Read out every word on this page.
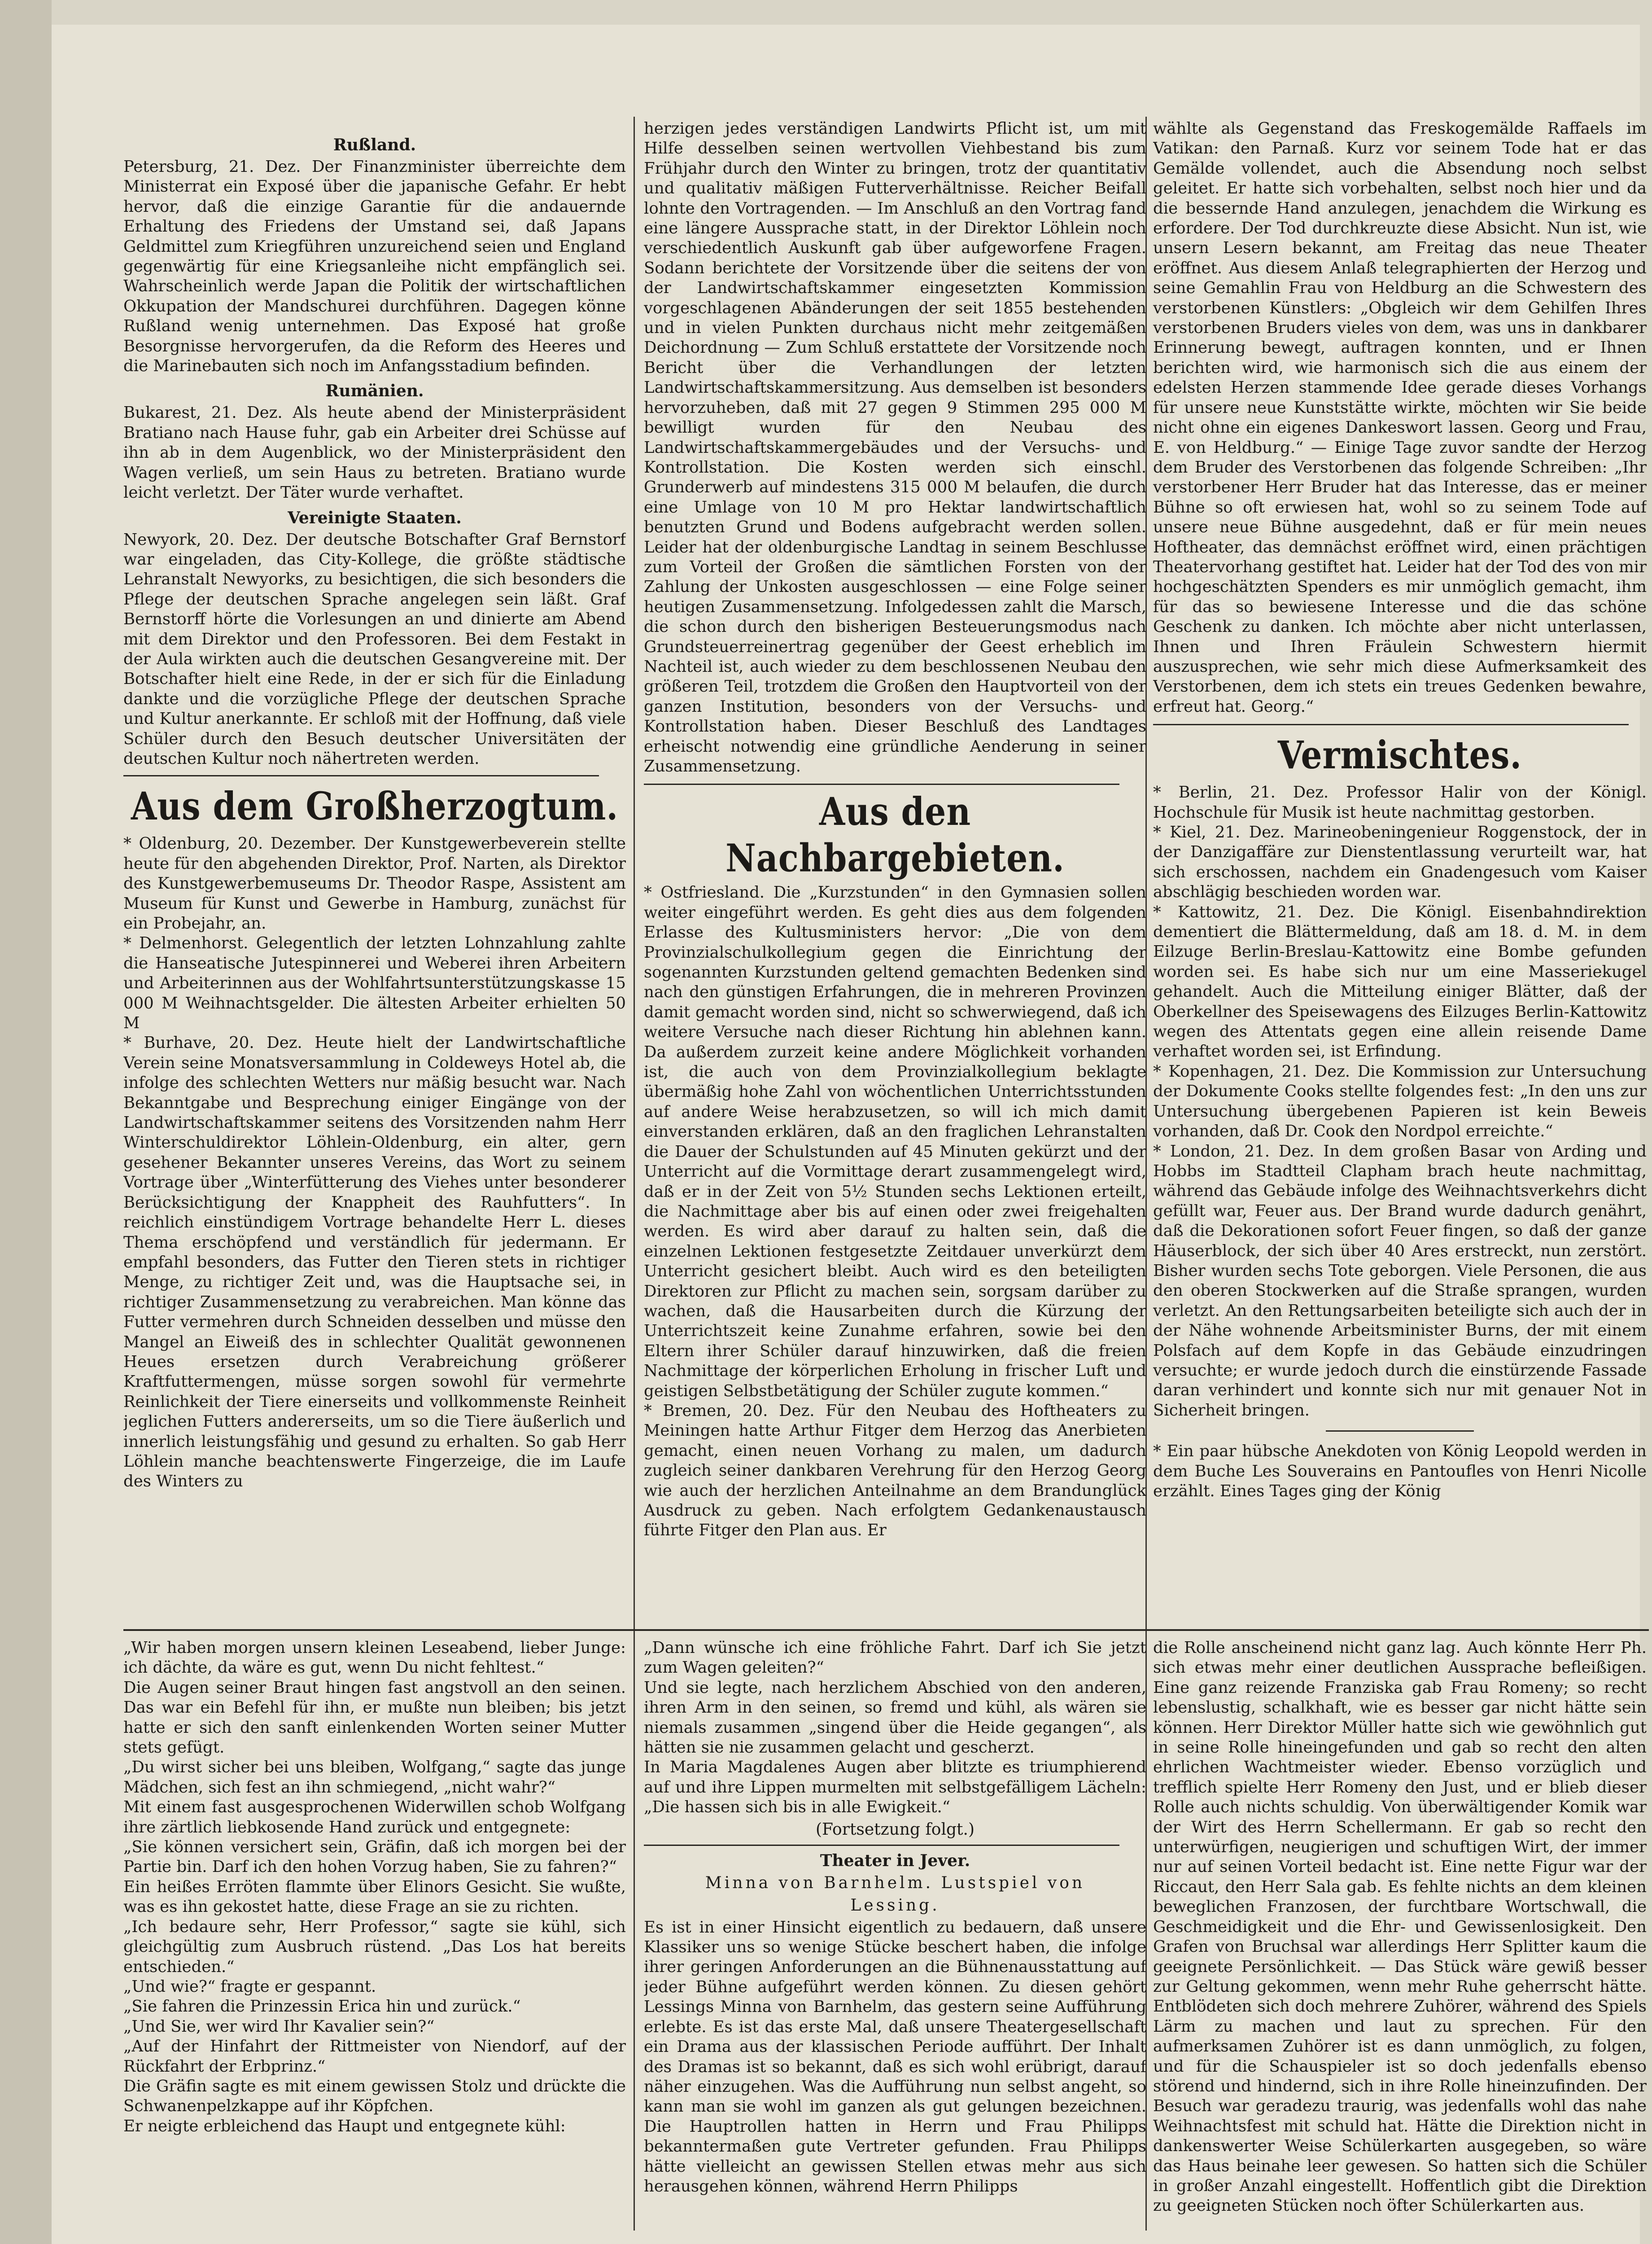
Rußland.

Petersburg, 21. Dez. Der Finanzminister überreichte dem Ministerrat ein Exposé über die japanische Gefahr. Er hebt hervor, daß die einzige Garantie für die andauernde Erhaltung des Friedens der Umstand sei, daß Japans Geldmittel zum Kriegführen unzureichend seien und England gegenwärtig für eine Kriegsanleihe nicht empfänglich sei. Wahrscheinlich werde Japan die Politik der wirtschaftlichen Okkupation der Mandschurei durchführen. Dagegen könne Rußland wenig unternehmen. Das Exposé hat große Besorgnisse hervorgerufen, da die Reform des Heeres und die Marinebauten sich noch im Anfangsstadium befinden.

Rumänien.

Bukarest, 21. Dez. Als heute abend der Ministerpräsident Bratiano nach Hause fuhr, gab ein Arbeiter drei Schüsse auf ihn ab in dem Augenblick, wo der Ministerpräsident den Wagen verließ, um sein Haus zu betreten. Bratiano wurde leicht verletzt. Der Täter wurde verhaftet.

Vereinigte Staaten.

Newyork, 20. Dez. Der deutsche Botschafter Graf Bernstorf war eingeladen, das City-Kollege, die größte städtische Lehranstalt Newyorks, zu besichtigen, die sich besonders die Pflege der deutschen Sprache angelegen sein läßt. Graf Bernstorff hörte die Vorlesungen an und dinierte am Abend mit dem Direktor und den Professoren. Bei dem Festakt in der Aula wirkten auch die deutschen Gesangvereine mit. Der Botschafter hielt eine Rede, in der er sich für die Einladung dankte und die vorzügliche Pflege der deutschen Sprache und Kultur anerkannte. Er schloß mit der Hoffnung, daß viele Schüler durch den Besuch deutscher Universitäten der deutschen Kultur noch nähertreten werden.

Aus dem Großherzogtum.

* Oldenburg, 20. Dezember. Der Kunstgewerbeverein stellte heute für den abgehenden Direktor, Prof. Narten, als Direktor des Kunstgewerbemuseums Dr. Theodor Raspe, Assistent am Museum für Kunst und Gewerbe in Hamburg, zunächst für ein Probejahr, an.

* Delmenhorst. Gelegentlich der letzten Lohnzahlung zahlte die Hanseatische Jutespinnerei und Weberei ihren Arbeitern und Arbeiterinnen aus der Wohlfahrtsunterstützungskasse 15 000 M Weihnachtsgelder. Die ältesten Arbeiter erhielten 50 M

* Burhave, 20. Dez. Heute hielt der Landwirtschaftliche Verein seine Monatsversammlung in Coldeweys Hotel ab, die infolge des schlechten Wetters nur mäßig besucht war. Nach Bekanntgabe und Besprechung einiger Eingänge von der Landwirtschaftskammer seitens des Vorsitzenden nahm Herr Winterschuldirektor Löhlein-Oldenburg, ein alter, gern gesehener Bekannter unseres Vereins, das Wort zu seinem Vortrage über „Winterfütterung des Viehes unter besonderer Berücksichtigung der Knappheit des Rauhfutters“. In reichlich einstündigem Vortrage behandelte Herr L. dieses Thema erschöpfend und verständlich für jedermann. Er empfahl besonders, das Futter den Tieren stets in richtiger Menge, zu richtiger Zeit und, was die Hauptsache sei, in richtiger Zusammensetzung zu verabreichen. Man könne das Futter vermehren durch Schneiden desselben und müsse den Mangel an Eiweiß des in schlechter Qualität gewonnenen Heues ersetzen durch Verabreichung größerer Kraftfuttermengen, müsse sorgen sowohl für vermehrte Reinlichkeit der Tiere einerseits und vollkommenste Reinheit jeglichen Futters andererseits, um so die Tiere äußerlich und innerlich leistungsfähig und gesund zu erhalten. So gab Herr Löhlein manche beachtenswerte Fingerzeige, die im Laufe des Winters zu

herzigen jedes verständigen Landwirts Pflicht ist, um mit Hilfe desselben seinen wertvollen Viehbestand bis zum Frühjahr durch den Winter zu bringen, trotz der quantitativ und qualitativ mäßigen Futterverhältnisse. Reicher Beifall lohnte den Vortragenden. — Im Anschluß an den Vortrag fand eine längere Aussprache statt, in der Direktor Löhlein noch verschiedentlich Auskunft gab über aufgeworfene Fragen. Sodann berichtete der Vorsitzende über die seitens der von der Landwirtschaftskammer eingesetzten Kommission vorgeschlagenen Abänderungen der seit 1855 bestehenden und in vielen Punkten durchaus nicht mehr zeitgemäßen Deichordnung — Zum Schluß erstattete der Vorsitzende noch Bericht über die Verhandlungen der letzten Landwirtschaftskammersitzung. Aus demselben ist besonders hervorzuheben, daß mit 27 gegen 9 Stimmen 295 000 M bewilligt wurden für den Neubau des Landwirtschaftskammergebäudes und der Versuchs- und Kontrollstation. Die Kosten werden sich einschl. Grunderwerb auf mindestens 315 000 M belaufen, die durch eine Umlage von 10 M pro Hektar landwirtschaftlich benutzten Grund und Bodens aufgebracht werden sollen. Leider hat der oldenburgische Landtag in seinem Beschlusse zum Vorteil der Großen die sämtlichen Forsten von der Zahlung der Unkosten ausgeschlossen — eine Folge seiner heutigen Zusammensetzung. Infolgedessen zahlt die Marsch, die schon durch den bisherigen Besteuerungsmodus nach Grundsteuerreinertrag gegenüber der Geest erheblich im Nachteil ist, auch wieder zu dem beschlossenen Neubau den größeren Teil, trotzdem die Großen den Hauptvorteil von der ganzen Institution, besonders von der Versuchs- und Kontrollstation haben. Dieser Beschluß des Landtages erheischt notwendig eine gründliche Aenderung in seiner Zusammensetzung.

Aus den Nachbargebieten.

* Ostfriesland. Die „Kurzstunden“ in den Gymnasien sollen weiter eingeführt werden. Es geht dies aus dem folgenden Erlasse des Kultusministers hervor: „Die von dem Provinzialschulkollegium gegen die Einrichtung der sogenannten Kurzstunden geltend gemachten Bedenken sind nach den günstigen Erfahrungen, die in mehreren Provinzen damit gemacht worden sind, nicht so schwerwiegend, daß ich weitere Versuche nach dieser Richtung hin ablehnen kann. Da außerdem zurzeit keine andere Möglichkeit vorhanden ist, die auch von dem Provinzialkollegium beklagte übermäßig hohe Zahl von wöchentlichen Unterrichtsstunden auf andere Weise herabzusetzen, so will ich mich damit einverstanden erklären, daß an den fraglichen Lehranstalten die Dauer der Schulstunden auf 45 Minuten gekürzt und der Unterricht auf die Vormittage derart zusammengelegt wird, daß er in der Zeit von 5½ Stunden sechs Lektionen erteilt, die Nachmittage aber bis auf einen oder zwei freigehalten werden. Es wird aber darauf zu halten sein, daß die einzelnen Lektionen festgesetzte Zeitdauer unverkürzt dem Unterricht gesichert bleibt. Auch wird es den beteiligten Direktoren zur Pflicht zu machen sein, sorgsam darüber zu wachen, daß die Hausarbeiten durch die Kürzung der Unterrichtszeit keine Zunahme erfahren, sowie bei den Eltern ihrer Schüler darauf hinzuwirken, daß die freien Nachmittage der körperlichen Erholung in frischer Luft und geistigen Selbstbetätigung der Schüler zugute kommen.“

* Bremen, 20. Dez. Für den Neubau des Hoftheaters zu Meiningen hatte Arthur Fitger dem Herzog das Anerbieten gemacht, einen neuen Vorhang zu malen, um dadurch zugleich seiner dankbaren Verehrung für den Herzog Georg wie auch der herzlichen Anteilnahme an dem Brandunglück Ausdruck zu geben. Nach erfolgtem Gedankenaustausch führte Fitger den Plan aus. Er

wählte als Gegenstand das Freskogemälde Raffaels im Vatikan: den Parnaß. Kurz vor seinem Tode hat er das Gemälde vollendet, auch die Absendung noch selbst geleitet. Er hatte sich vorbehalten, selbst noch hier und da die bessernde Hand anzulegen, jenachdem die Wirkung es erfordere. Der Tod durchkreuzte diese Absicht. Nun ist, wie unsern Lesern bekannt, am Freitag das neue Theater eröffnet. Aus diesem Anlaß telegraphierten der Herzog und seine Gemahlin Frau von Heldburg an die Schwestern des verstorbenen Künstlers: „Obgleich wir dem Gehilfen Ihres verstorbenen Bruders vieles von dem, was uns in dankbarer Erinnerung bewegt, auftragen konnten, und er Ihnen berichten wird, wie harmonisch sich die aus einem der edelsten Herzen stammende Idee gerade dieses Vorhangs für unsere neue Kunststätte wirkte, möchten wir Sie beide nicht ohne ein eigenes Dankeswort lassen. Georg und Frau, E. von Heldburg.“ — Einige Tage zuvor sandte der Herzog dem Bruder des Verstorbenen das folgende Schreiben: „Ihr verstorbener Herr Bruder hat das Interesse, das er meiner Bühne so oft erwiesen hat, wohl so zu seinem Tode auf unsere neue Bühne ausgedehnt, daß er für mein neues Hoftheater, das demnächst eröffnet wird, einen prächtigen Theatervorhang gestiftet hat. Leider hat der Tod des von mir hochgeschätzten Spenders es mir unmöglich gemacht, ihm für das so bewiesene Interesse und die das schöne Geschenk zu danken. Ich möchte aber nicht unterlassen, Ihnen und Ihren Fräulein Schwestern hiermit auszusprechen, wie sehr mich diese Aufmerksamkeit des Verstorbenen, dem ich stets ein treues Gedenken bewahre, erfreut hat. Georg.“

Vermischtes.

* Berlin, 21. Dez. Professor Halir von der Königl. Hochschule für Musik ist heute nachmittag gestorben.

* Kiel, 21. Dez. Marineobeningenieur Roggenstock, der in der Danzigaffäre zur Dienstentlassung verurteilt war, hat sich erschossen, nachdem ein Gnadengesuch vom Kaiser abschlägig beschieden worden war.

* Kattowitz, 21. Dez. Die Königl. Eisenbahndirektion dementiert die Blättermeldung, daß am 18. d. M. in dem Eilzuge Berlin-Breslau-Kattowitz eine Bombe gefunden worden sei. Es habe sich nur um eine Masseriekugel gehandelt. Auch die Mitteilung einiger Blätter, daß der Oberkellner des Speisewagens des Eilzuges Berlin-Kattowitz wegen des Attentats gegen eine allein reisende Dame verhaftet worden sei, ist Erfindung.

* Kopenhagen, 21. Dez. Die Kommission zur Untersuchung der Dokumente Cooks stellte folgendes fest: „In den uns zur Untersuchung übergebenen Papieren ist kein Beweis vorhanden, daß Dr. Cook den Nordpol erreichte.“

* London, 21. Dez. In dem großen Basar von Arding und Hobbs im Stadtteil Clapham brach heute nachmittag, während das Gebäude infolge des Weihnachtsverkehrs dicht gefüllt war, Feuer aus. Der Brand wurde dadurch genährt, daß die Dekorationen sofort Feuer fingen, so daß der ganze Häuserblock, der sich über 40 Ares erstreckt, nun zerstört. Bisher wurden sechs Tote geborgen. Viele Personen, die aus den oberen Stockwerken auf die Straße sprangen, wurden verletzt. An den Rettungsarbeiten beteiligte sich auch der in der Nähe wohnende Arbeitsminister Burns, der mit einem Polsfach auf dem Kopfe in das Gebäude einzudringen versuchte; er wurde jedoch durch die einstürzende Fassade daran verhindert und konnte sich nur mit genauer Not in Sicherheit bringen.

* Ein paar hübsche Anekdoten von König Leopold werden in dem Buche Les Souverains en Pantoufles von Henri Nicolle erzählt. Eines Tages ging der König

„Wir haben morgen unsern kleinen Leseabend, lieber Junge: ich dächte, da wäre es gut, wenn Du nicht fehltest.“

Die Augen seiner Braut hingen fast angstvoll an den seinen. Das war ein Befehl für ihn, er mußte nun bleiben; bis jetzt hatte er sich den sanft einlenkenden Worten seiner Mutter stets gefügt.

„Du wirst sicher bei uns bleiben, Wolfgang,“ sagte das junge Mädchen, sich fest an ihn schmiegend, „nicht wahr?“

Mit einem fast ausgesprochenen Widerwillen schob Wolfgang ihre zärtlich liebkosende Hand zurück und entgegnete:

„Sie können versichert sein, Gräfin, daß ich morgen bei der Partie bin. Darf ich den hohen Vorzug haben, Sie zu fahren?“

Ein heißes Erröten flammte über Elinors Gesicht. Sie wußte, was es ihn gekostet hatte, diese Frage an sie zu richten.

„Ich bedaure sehr, Herr Professor,“ sagte sie kühl, sich gleichgültig zum Ausbruch rüstend. „Das Los hat bereits entschieden.“

„Und wie?“ fragte er gespannt.

„Sie fahren die Prinzessin Erica hin und zurück.“

„Und Sie, wer wird Ihr Kavalier sein?“

„Auf der Hinfahrt der Rittmeister von Niendorf, auf der Rückfahrt der Erbprinz.“

Die Gräfin sagte es mit einem gewissen Stolz und drückte die Schwanenpelzkappe auf ihr Köpfchen.

Er neigte erbleichend das Haupt und entgegnete kühl:

„Dann wünsche ich eine fröhliche Fahrt. Darf ich Sie jetzt zum Wagen geleiten?“

Und sie legte, nach herzlichem Abschied von den anderen, ihren Arm in den seinen, so fremd und kühl, als wären sie niemals zusammen „singend über die Heide gegangen“, als hätten sie nie zusammen gelacht und gescherzt.

In Maria Magdalenes Augen aber blitzte es triumphierend auf und ihre Lippen murmelten mit selbstgefälligem Lächeln: „Die hassen sich bis in alle Ewigkeit.“

(Fortsetzung folgt.)
Theater in Jever.
Minna von Barnhelm. Lustspiel von
Lessing.

Es ist in einer Hinsicht eigentlich zu bedauern, daß unsere Klassiker uns so wenige Stücke beschert haben, die infolge ihrer geringen Anforderungen an die Bühnenausstattung auf jeder Bühne aufgeführt werden können. Zu diesen gehört Lessings Minna von Barnhelm, das gestern seine Aufführung erlebte. Es ist das erste Mal, daß unsere Theatergesellschaft ein Drama aus der klassischen Periode aufführt. Der Inhalt des Dramas ist so bekannt, daß es sich wohl erübrigt, darauf näher einzugehen. Was die Aufführung nun selbst angeht, so kann man sie wohl im ganzen als gut gelungen bezeichnen. Die Hauptrollen hatten in Herrn und Frau Philipps bekanntermaßen gute Vertreter gefunden. Frau Philipps hätte vielleicht an gewissen Stellen etwas mehr aus sich herausgehen können, während Herrn Philipps

die Rolle anscheinend nicht ganz lag. Auch könnte Herr Ph. sich etwas mehr einer deutlichen Aussprache befleißigen. Eine ganz reizende Franziska gab Frau Romeny; so recht lebenslustig, schalkhaft, wie es besser gar nicht hätte sein können. Herr Direktor Müller hatte sich wie gewöhnlich gut in seine Rolle hineingefunden und gab so recht den alten ehrlichen Wachtmeister wieder. Ebenso vorzüglich und trefflich spielte Herr Romeny den Just, und er blieb dieser Rolle auch nichts schuldig. Von überwältigender Komik war der Wirt des Herrn Schellermann. Er gab so recht den unterwürfigen, neugierigen und schuftigen Wirt, der immer nur auf seinen Vorteil bedacht ist. Eine nette Figur war der Riccaut, den Herr Sala gab. Es fehlte nichts an dem kleinen beweglichen Franzosen, der furchtbare Wortschwall, die Geschmeidigkeit und die Ehr- und Gewissenlosigkeit. Den Grafen von Bruchsal war allerdings Herr Splitter kaum die geeignete Persönlichkeit. — Das Stück wäre gewiß besser zur Geltung gekommen, wenn mehr Ruhe geherrscht hätte. Entblödeten sich doch mehrere Zuhörer, während des Spiels Lärm zu machen und laut zu sprechen. Für den aufmerksamen Zuhörer ist es dann unmöglich, zu folgen, und für die Schauspieler ist so doch jedenfalls ebenso störend und hindernd, sich in ihre Rolle hineinzufinden. Der Besuch war geradezu traurig, was jedenfalls wohl das nahe Weihnachtsfest mit schuld hat. Hätte die Direktion nicht in dankenswerter Weise Schülerkarten ausgegeben, so wäre das Haus beinahe leer gewesen. So hatten sich die Schüler in großer Anzahl eingestellt. Hoffentlich gibt die Direktion zu geeigneten Stücken noch öfter Schülerkarten aus.
